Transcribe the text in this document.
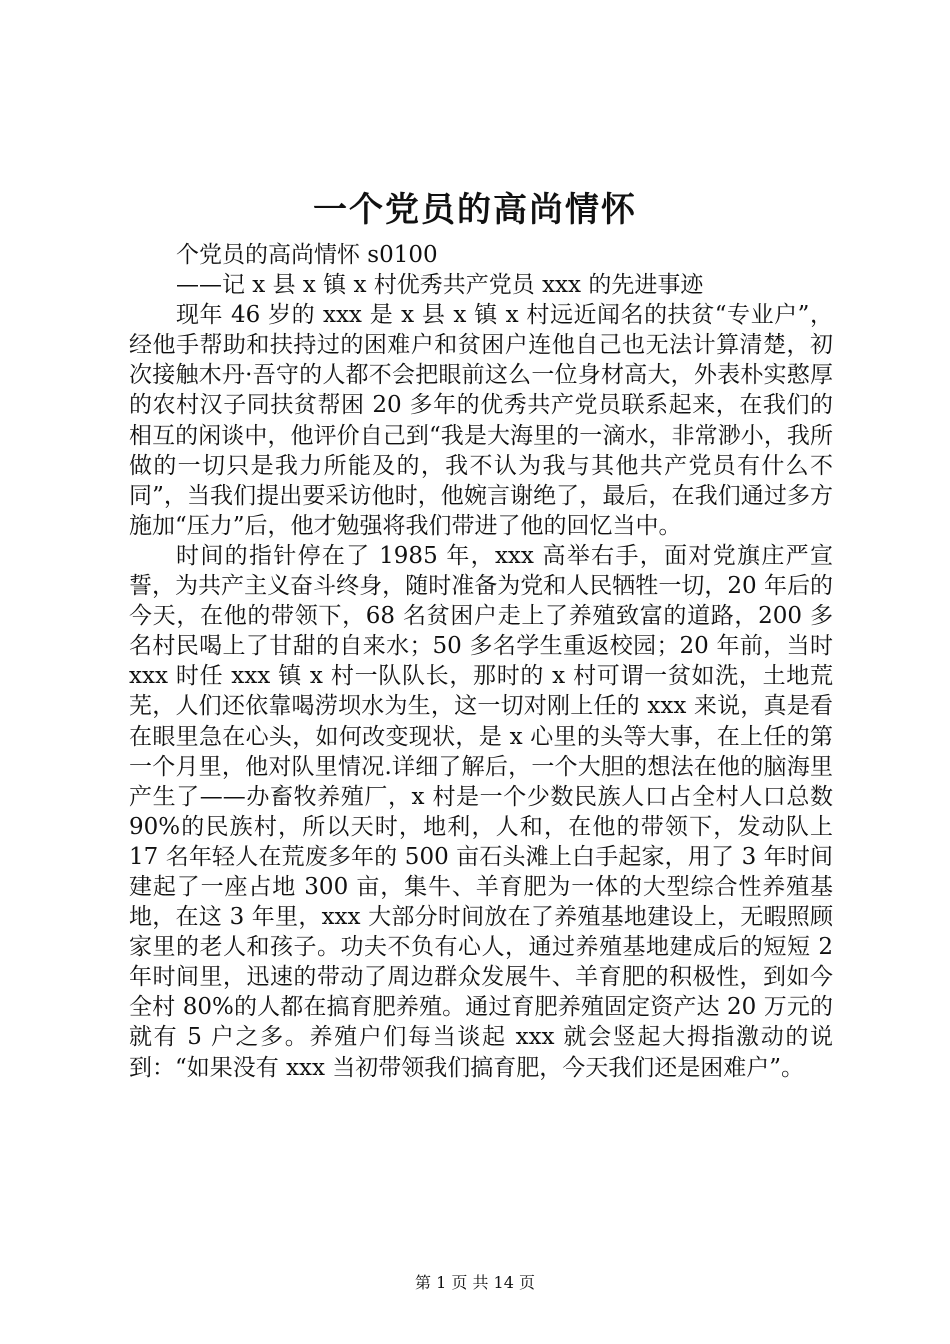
一个党员的高尚情怀

个党员的高尚情怀 s0100

——记 x 县 x 镇 x 村优秀共产党员 xxx 的先进事迹

现年 46 岁的 xxx 是 x 县 x 镇 x 村远近闻名的扶贫“专业户”，经他手帮助和扶持过的困难户和贫困户连他自己也无法计算清楚，初次接触木丹·吾守的人都不会把眼前这么一位身材高大，外表朴实憨厚的农村汉子同扶贫帮困 20 多年的优秀共产党员联系起来，在我们的相互的闲谈中，他评价自己到“我是大海里的一滴水，非常渺小，我所做的一切只是我力所能及的，我不认为我与其他共产党员有什么不同”，当我们提出要采访他时，他婉言谢绝了，最后，在我们通过多方施加“压力”后，他才勉强将我们带进了他的回忆当中。

时间的指针停在了 1985 年，xxx 高举右手，面对党旗庄严宣誓，为共产主义奋斗终身，随时准备为党和人民牺牲一切，20 年后的今天，在他的带领下，68 名贫困户走上了养殖致富的道路，200 多名村民喝上了甘甜的自来水；50 多名学生重返校园；20 年前，当时 xxx 时任 xxx 镇 x 村一队队长，那时的 x 村可谓一贫如洗，土地荒芜，人们还依靠喝涝坝水为生，这一切对刚上任的 xxx 来说，真是看在眼里急在心头，如何改变现状，是 x 心里的头等大事，在上任的第一个月里，他对队里情况.详细了解后，一个大胆的想法在他的脑海里产生了——办畜牧养殖厂，x 村是一个少数民族人口占全村人口总数 90%的民族村，所以天时，地利，人和，在他的带领下，发动队上 17 名年轻人在荒废多年的 500 亩石头滩上白手起家，用了 3 年时间建起了一座占地 300 亩，集牛、羊育肥为一体的大型综合性养殖基地，在这 3 年里，xxx 大部分时间放在了养殖基地建设上，无暇照顾家里的老人和孩子。功夫不负有心人，通过养殖基地建成后的短短 2 年时间里，迅速的带动了周边群众发展牛、羊育肥的积极性，到如今全村 80%的人都在搞育肥养殖。通过育肥养殖固定资产达 20 万元的就有 5 户之多。养殖户们每当谈起 xxx 就会竖起大拇指激动的说到：“如果没有 xxx 当初带领我们搞育肥，今天我们还是困难户”。

第 1 页 共 14 页
